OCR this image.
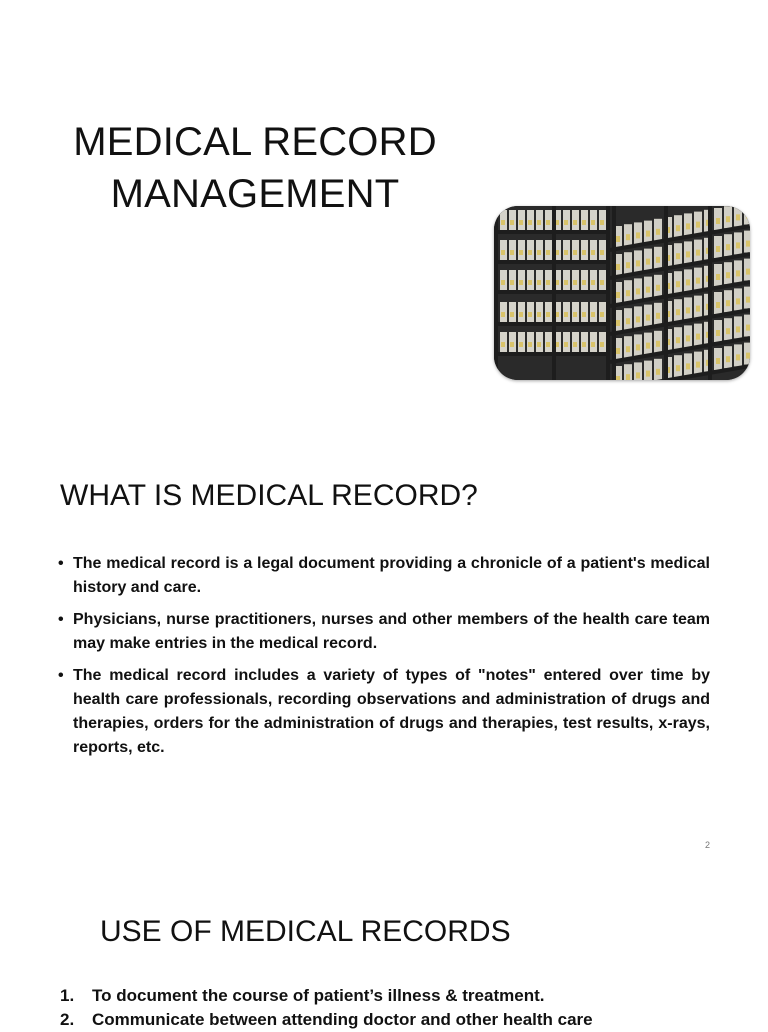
MEDICAL RECORD
MANAGEMENT
WHAT IS MEDICAL RECORD?
• The medical record is a legal document providing a chronicle of a patient's medical history and care.
• Physicians, nurse practitioners, nurses and other members of the health care team may make entries in the medical record.
• The medical record includes a variety of types of "notes" entered over time by health care professionals, recording observations and administration of drugs and therapies, orders for the administration of drugs and therapies, test results, x-rays, reports, etc.
2
USE OF MEDICAL RECORDS
1.	To document the course of patient’s illness & treatment.
2.	Communicate between attending doctor and other health care
